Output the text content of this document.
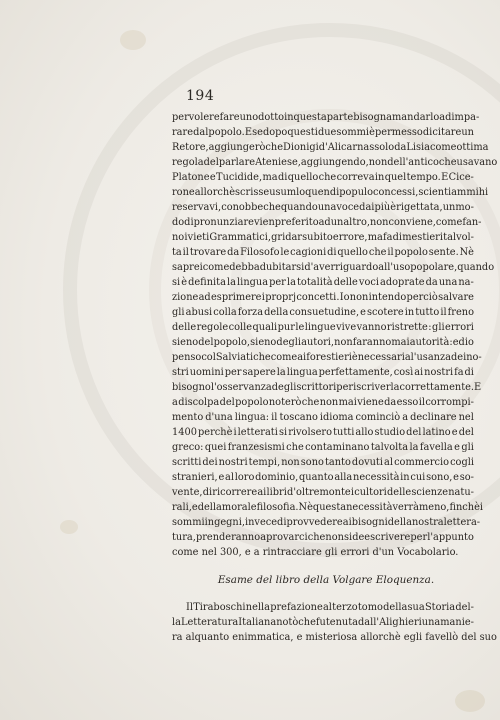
194
per volere fare uno dotto in questa parte bisogna mandarlo ad impa-
rare dal popolo. E se dopo questi due sommi è permesso di citare un
Retore, aggiungerò che Dionigi d'Alicarnasso loda Lisia come ottima
regola del parlare Ateniese, aggiungendo, non dell'antico che usavano
Platone e Tucidide, ma di quello che correva in quel tempo. E Cice-
rone allorchè scrisse usum loquendi populo concessi, scientiam mihi
reservavi, conobbe che quando una voce dai più è rigettata, un mo-
do di pronunziare vien preferito ad un altro, non conviene, come fan-
no i vieti Grammatici, gridar subito errore, ma fa di mestieri talvol-
ta il trovare da Filosofo le cagioni di quello che il popolo sente. Nè
saprei come debba dubitarsi d'aver riguardo all'uso popolare, quando
si è definita la lingua per la totalità delle voci adoprate da una na-
zione ad esprimere i proprj concetti. Io non intendo perciò salvare
gli abusi colla forza della consuetudine, e scotere in tutto il freno
delle regole colle quali pur le lingue vive vanno ristrette : gli errori
sieno del popolo, sieno degli autori, non faranno mai autorità: ed io
penso col Salviati che come ai forestieri è necessaria l'usanza dei no-
stri uomini per sapere la lingua perfettamente, così ai nostri fa di
bisogno l'osservanza degli scrittori per iscriverla correttamente. E
a discolpa del popolo noterò che non mai viene da esso il corrompi-
mento d'una lingua: il toscano idioma cominciò a declinare nel
1400 perchè i letterati si rivolsero tutti allo studio del latino e del
greco: quei franzesismi che contaminano talvolta la favella e gli
scritti dei nostri tempi, non sono tanto dovuti al commercio cogli
stranieri, e al loro dominio, quanto alla necessità in cui sono, e so-
vente, di ricorrere ai libri d'oltremonte i cultori delle scienze natu-
rali, e della morale filosofia. Nè questa necessità verrà meno, finchè i
sommi ingegni, invece di provvedere ai bisogni della nostra lettera-
tura, prenderanno a provarci che non si dee scrivere per l'appunto
come nel 300, e a rintracciare gli errori d'un Vocabolario.
Esame del libro della Volgare Eloquenza.
Il Tiraboschi nella prefazione al terzo tomo della sua Storia del-
la Letteratura Italiana notò che fu tenuta dall'Alighieri una manie-
ra alquanto enimmatica, e misteriosa allorchè egli favellò del suo
